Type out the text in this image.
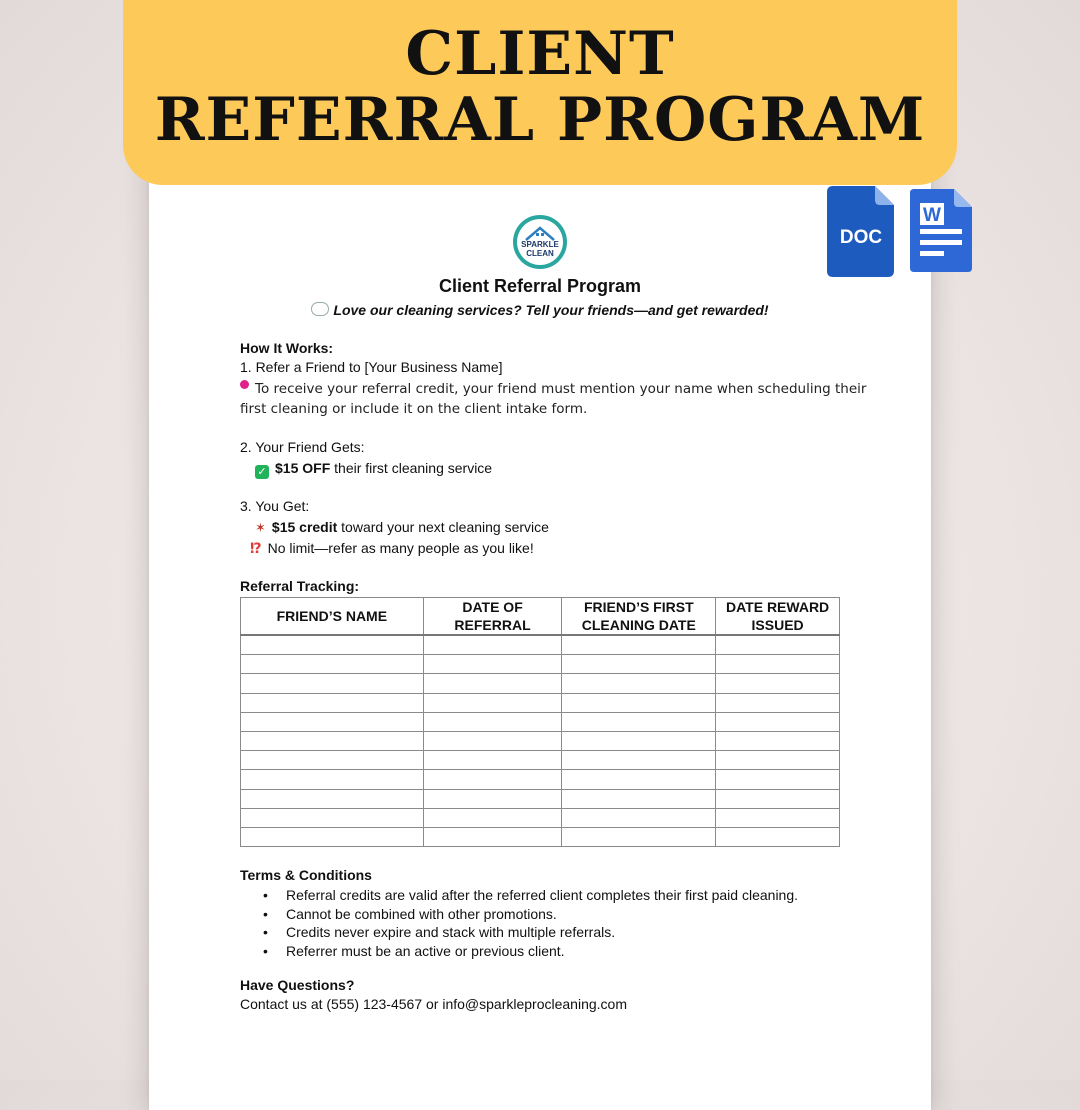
CLIENT
REFERRAL PROGRAM
DOC
W
SPARKLE
CLEAN
Client Referral Program
Love our cleaning services? Tell your friends—and get rewarded!
How It Works:
1. Refer a Friend to [Your Business Name]
To receive your referral credit, your friend must mention your name when scheduling their
first cleaning or include it on the client intake form.
2. Your Friend Gets:
✓ $15 OFF their first cleaning service
3. You Get:
✶ $15 credit toward your next cleaning service
⁉ No limit—refer as many people as you like!
Referral Tracking:
FRIEND’S NAME	DATE OF REFERRAL	FRIEND’S FIRST CLEANING DATE	DATE REWARD ISSUED

Terms & Conditions
• Referral credits are valid after the referred client completes their first paid cleaning.
• Cannot be combined with other promotions.
• Credits never expire and stack with multiple referrals.
• Referrer must be an active or previous client.
Have Questions?
Contact us at (555) 123-4567 or info@sparkleprocleaning.com
